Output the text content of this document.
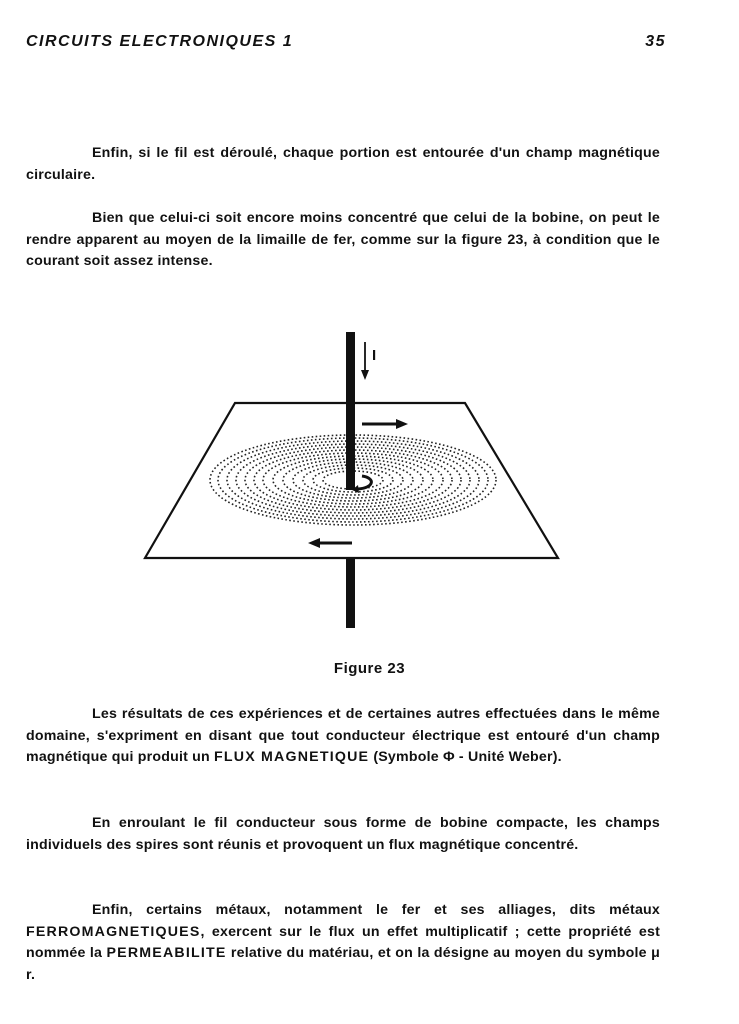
CIRCUITS ELECTRONIQUES 1	35

Enfin, si le fil est déroulé, chaque portion est entourée d'un champ magnétique circulaire.

Bien que celui-ci soit encore moins concentré que celui de la bobine, on peut le rendre apparent au moyen de la limaille de fer, comme sur la figure 23, à condition que le courant soit assez intense.

I
Figure 23

Les résultats de ces expériences et de certaines autres effectuées dans le même domaine, s'expriment en disant que tout conducteur électrique est entouré d'un champ magnétique qui produit un FLUX MAGNETIQUE (Symbole Φ - Unité Weber).

En enroulant le fil conducteur sous forme de bobine compacte, les champs individuels des spires sont réunis et provoquent un flux magnétique concentré.

Enfin, certains métaux, notamment le fer et ses alliages, dits métaux FERROMAGNETIQUES, exercent sur le flux un effet multiplicatif ; cette propriété est nommée la PERMEABILITE relative du matériau, et on la désigne au moyen du symbole μ r.
